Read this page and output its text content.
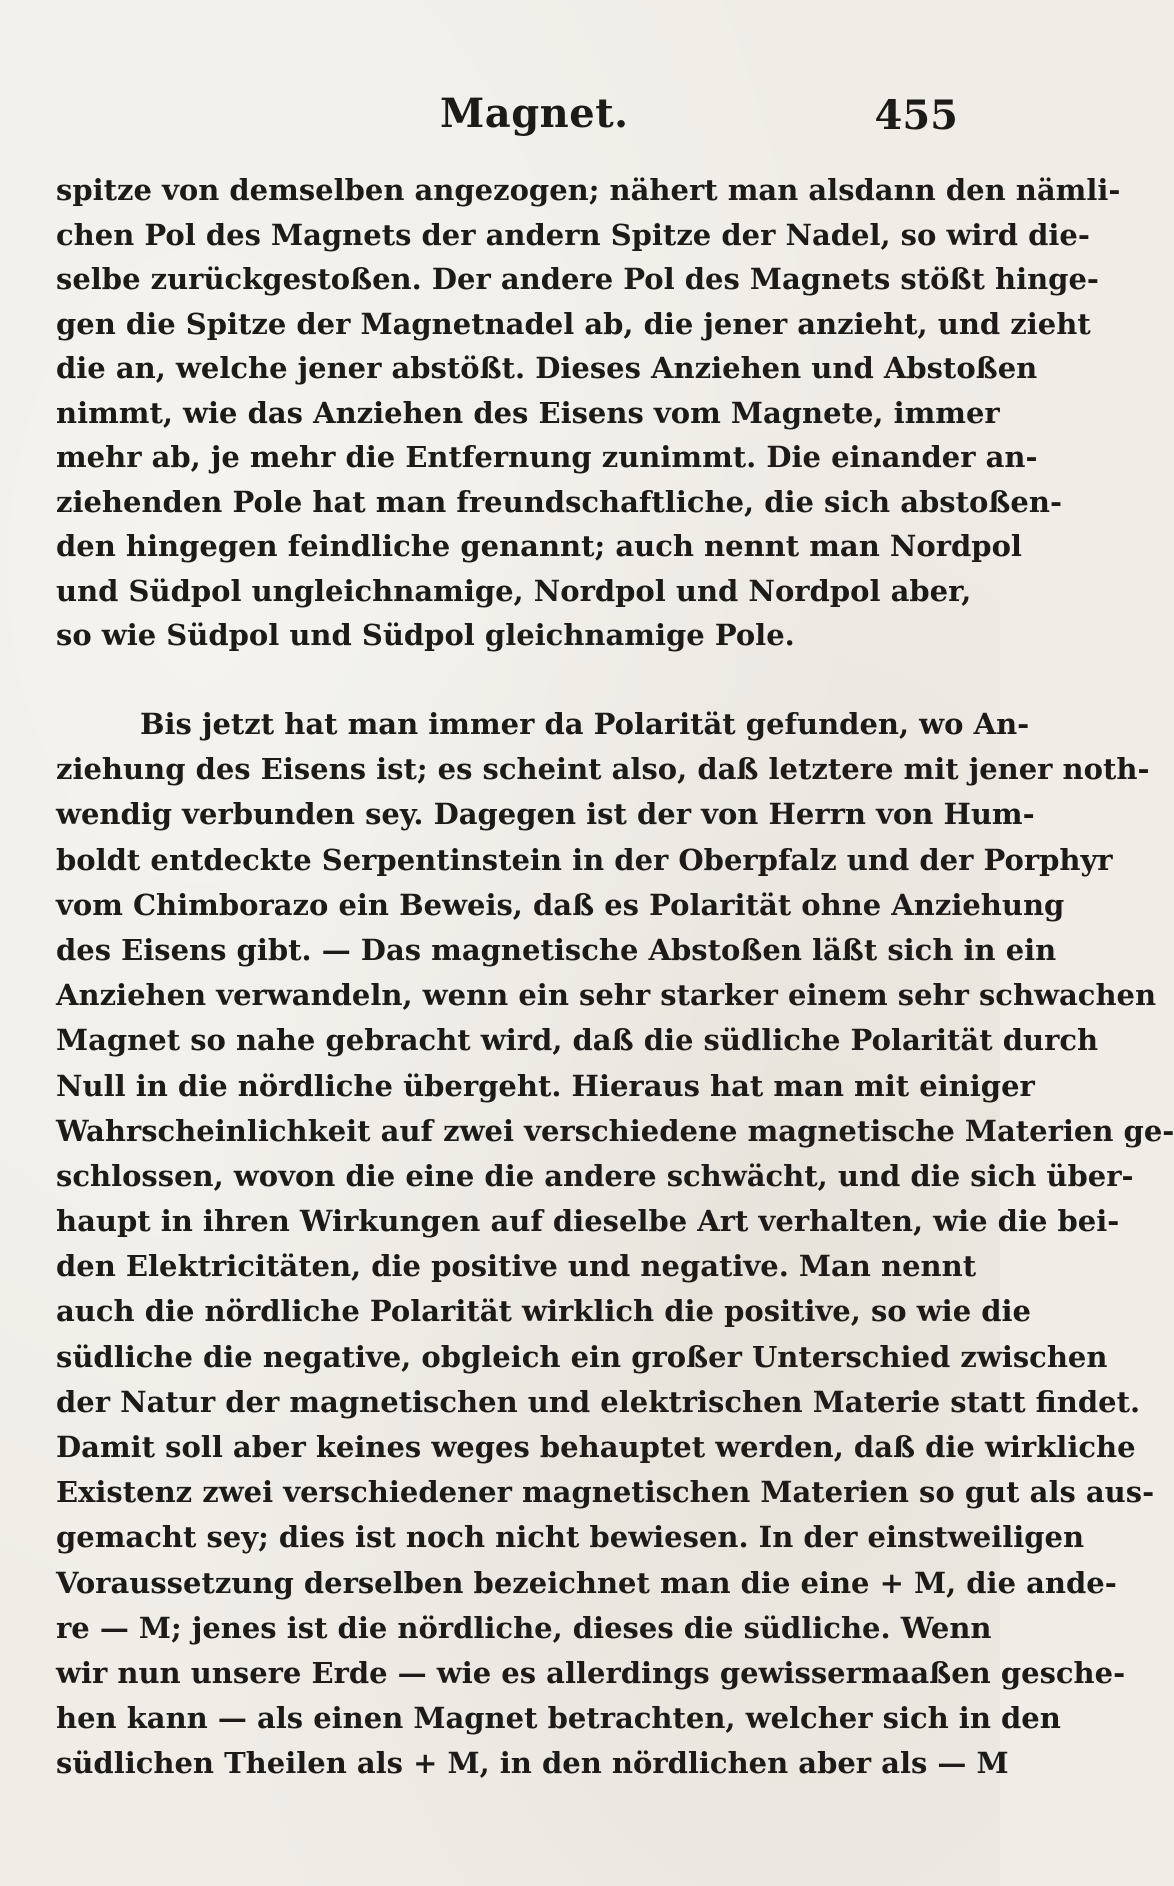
Magnet.	455
spitze von demselben angezogen; nähert man alsdann den nämli-
chen Pol des Magnets der andern Spitze der Nadel, so wird die-
selbe zurückgestoßen. Der andere Pol des Magnets stößt hinge-
gen die Spitze der Magnetnadel ab, die jener anzieht, und zieht
die an, welche jener abstößt. Dieses Anziehen und Abstoßen
nimmt, wie das Anziehen des Eisens vom Magnete, immer
mehr ab, je mehr die Entfernung zunimmt. Die einander an-
ziehenden Pole hat man freundschaftliche, die sich abstoßen-
den hingegen feindliche genannt; auch nennt man Nordpol
und Südpol ungleichnamige, Nordpol und Nordpol aber,
so wie Südpol und Südpol gleichnamige Pole.
Bis jetzt hat man immer da Polarität gefunden, wo An-
ziehung des Eisens ist; es scheint also, daß letztere mit jener noth-
wendig verbunden sey. Dagegen ist der von Herrn von Hum-
boldt entdeckte Serpentinstein in der Oberpfalz und der Porphyr
vom Chimborazo ein Beweis, daß es Polarität ohne Anziehung
des Eisens gibt. — Das magnetische Abstoßen läßt sich in ein
Anziehen verwandeln, wenn ein sehr starker einem sehr schwachen
Magnet so nahe gebracht wird, daß die südliche Polarität durch
Null in die nördliche übergeht. Hieraus hat man mit einiger
Wahrscheinlichkeit auf zwei verschiedene magnetische Materien ge-
schlossen, wovon die eine die andere schwächt, und die sich über-
haupt in ihren Wirkungen auf dieselbe Art verhalten, wie die bei-
den Elektricitäten, die positive und negative. Man nennt
auch die nördliche Polarität wirklich die positive, so wie die
südliche die negative, obgleich ein großer Unterschied zwischen
der Natur der magnetischen und elektrischen Materie statt findet.
Damit soll aber keines weges behauptet werden, daß die wirkliche
Existenz zwei verschiedener magnetischen Materien so gut als aus-
gemacht sey; dies ist noch nicht bewiesen. In der einstweiligen
Voraussetzung derselben bezeichnet man die eine + M, die ande-
re — M; jenes ist die nördliche, dieses die südliche. Wenn
wir nun unsere Erde — wie es allerdings gewissermaaßen gesche-
hen kann — als einen Magnet betrachten, welcher sich in den
südlichen Theilen als + M, in den nördlichen aber als — M
